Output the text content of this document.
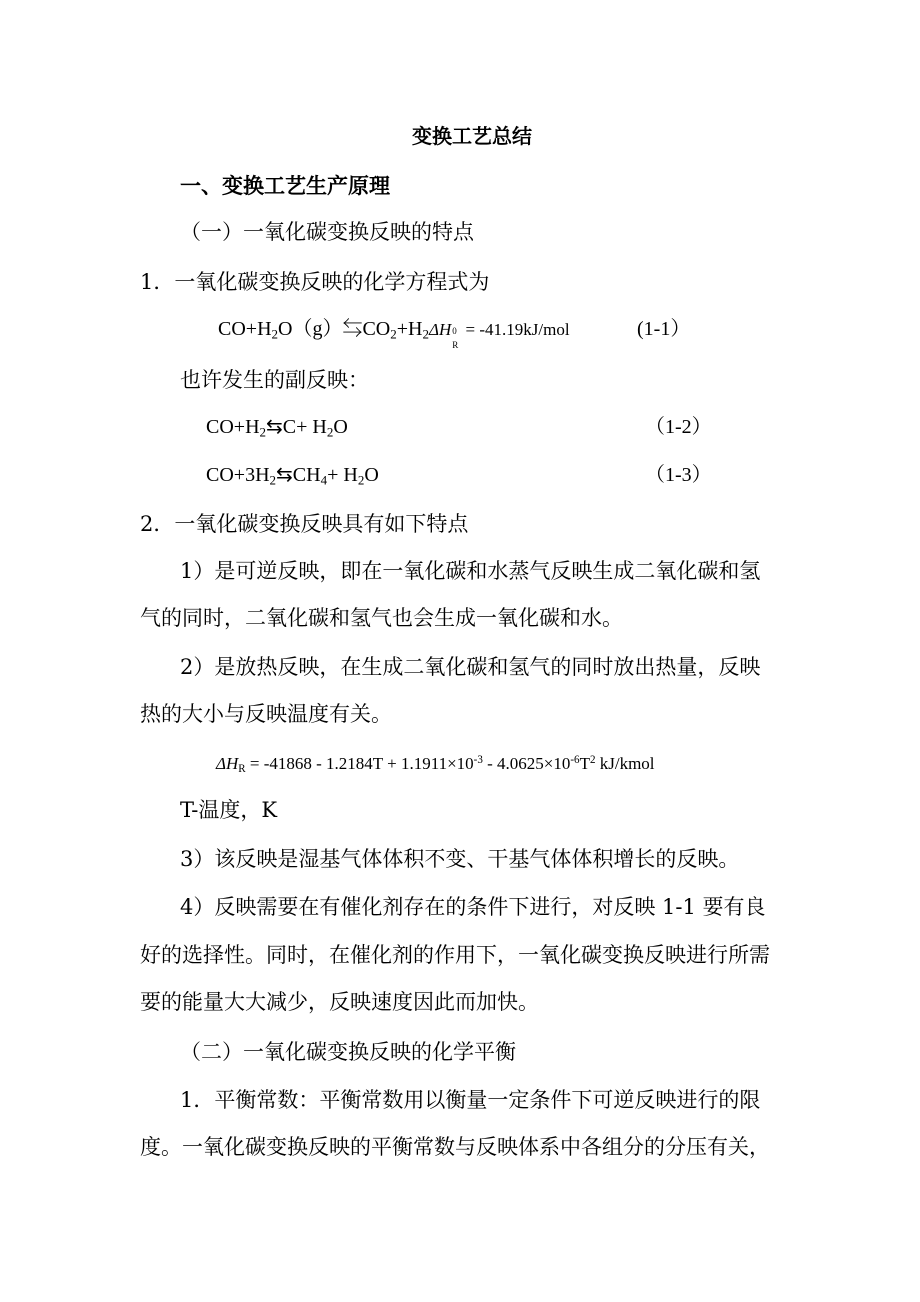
变换工艺总结
一、变换工艺生产原理
（一）一氧化碳变换反映的特点
1．一氧化碳变换反映的化学方程式为
$CO+H_2O(g)⇆CO_2+H_2\Delta H$ 0
R
= -41.19kJ/mol	(1-1）
也许发生的副反映：
$CO+H_2⇆C+ H_2O$	（1-2）
$CO+3H_2⇆CH_4+ H_2O$	（1-3）
2．一氧化碳变换反映具有如下特点
1）是可逆反映，即在一氧化碳和水蒸气反映生成二氧化碳和氢
气的同时，二氧化碳和氢气也会生成一氧化碳和水。
2）是放热反映，在生成二氧化碳和氢气的同时放出热量，反映
热的大小与反映温度有关。
$\Delta H_R = -41868 - 1.2184T + 1.1911\times 10^{-3} - 4.0625\times 10^{-6}T^2$ kJ/kmol
T-温度，K
3）该反映是湿基气体体积不变、干基气体体积增长的反映。
4）反映需要在有催化剂存在的条件下进行，对反映 1-1 要有良
好的选择性。同时，在催化剂的作用下，一氧化碳变换反映进行所需
要的能量大大减少，反映速度因此而加快。
（二）一氧化碳变换反映的化学平衡
1．平衡常数：平衡常数用以衡量一定条件下可逆反映进行的限
度。一氧化碳变换反映的平衡常数与反映体系中各组分的分压有关，
